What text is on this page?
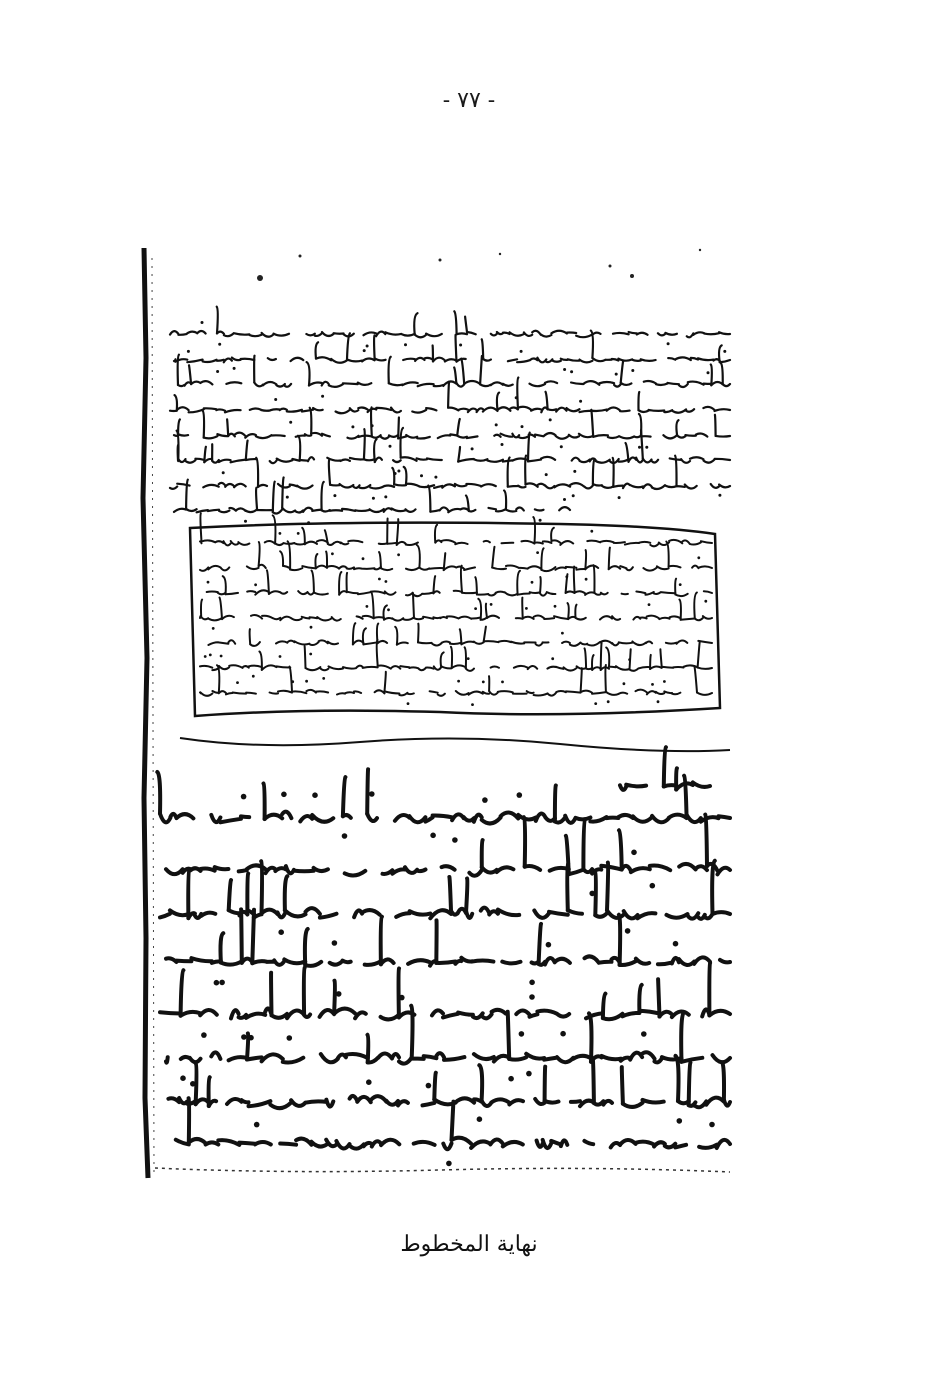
- ٧٧ -
نهاية المخطوط
